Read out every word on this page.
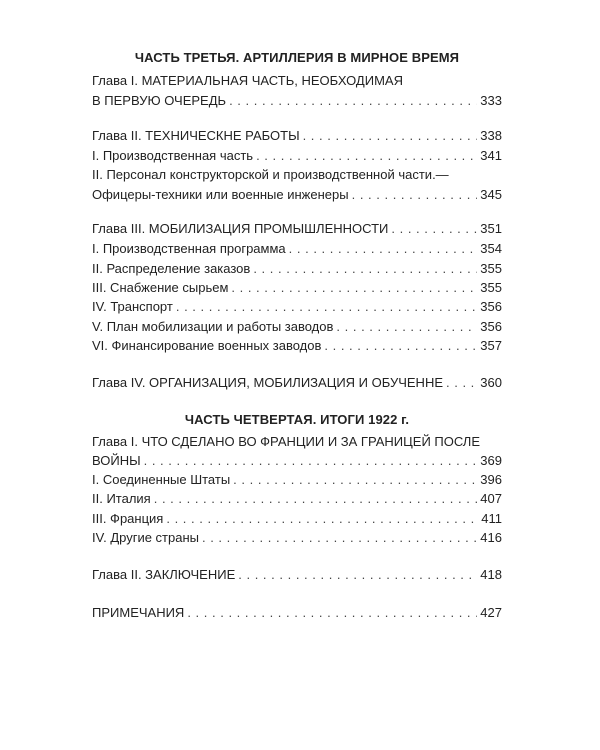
ЧАСТЬ ТРЕТЬЯ. АРТИЛЛЕРИЯ В МИРНОЕ ВРЕМЯ
Глава I. МАТЕРИАЛЬНАЯ ЧАСТЬ, НЕОБХОДИМАЯ
В ПЕРВУЮ ОЧЕРЕДЬ . . .	333
Глава II. ТЕХНИЧЕСКНЕ РАБОТЫ . . .	338
I. Производственная часть . . .	341
II. Персонал конструкторской и производственной части.—
Офицеры-техники или военные инженеры . . .	345
Глава III. МОБИЛИЗАЦИЯ ПРОМЫШЛЕННОСТИ . . .	351
I. Производственная программа . . .	354
II. Распределение заказов . . .	355
III. Снабжение сырьем . . .	355
IV. Транспорт . . .	356
V. План мобилизации и работы заводов . . .	356
VI. Финансирование военных заводов . . .	357
Глава IV. ОРГАНИЗАЦИЯ, МОБИЛИЗАЦИЯ И ОБУЧЕННЕ . . .	360
ЧАСТЬ ЧЕТВЕРТАЯ. ИТОГИ 1922 г.
Глава I. ЧТО СДЕЛАНО ВО ФРАНЦИИ И ЗА ГРАНИЦЕЙ ПОСЛЕ
ВОЙНЫ . . .	369
I. Соединенные Штаты . . .	396
II. Италия . . .	407
III. Франция . . .	411
IV. Другие страны . . .	416
Глава II. ЗАКЛЮЧЕНИЕ . . .	418
ПРИМЕЧАНИЯ . . .	427
